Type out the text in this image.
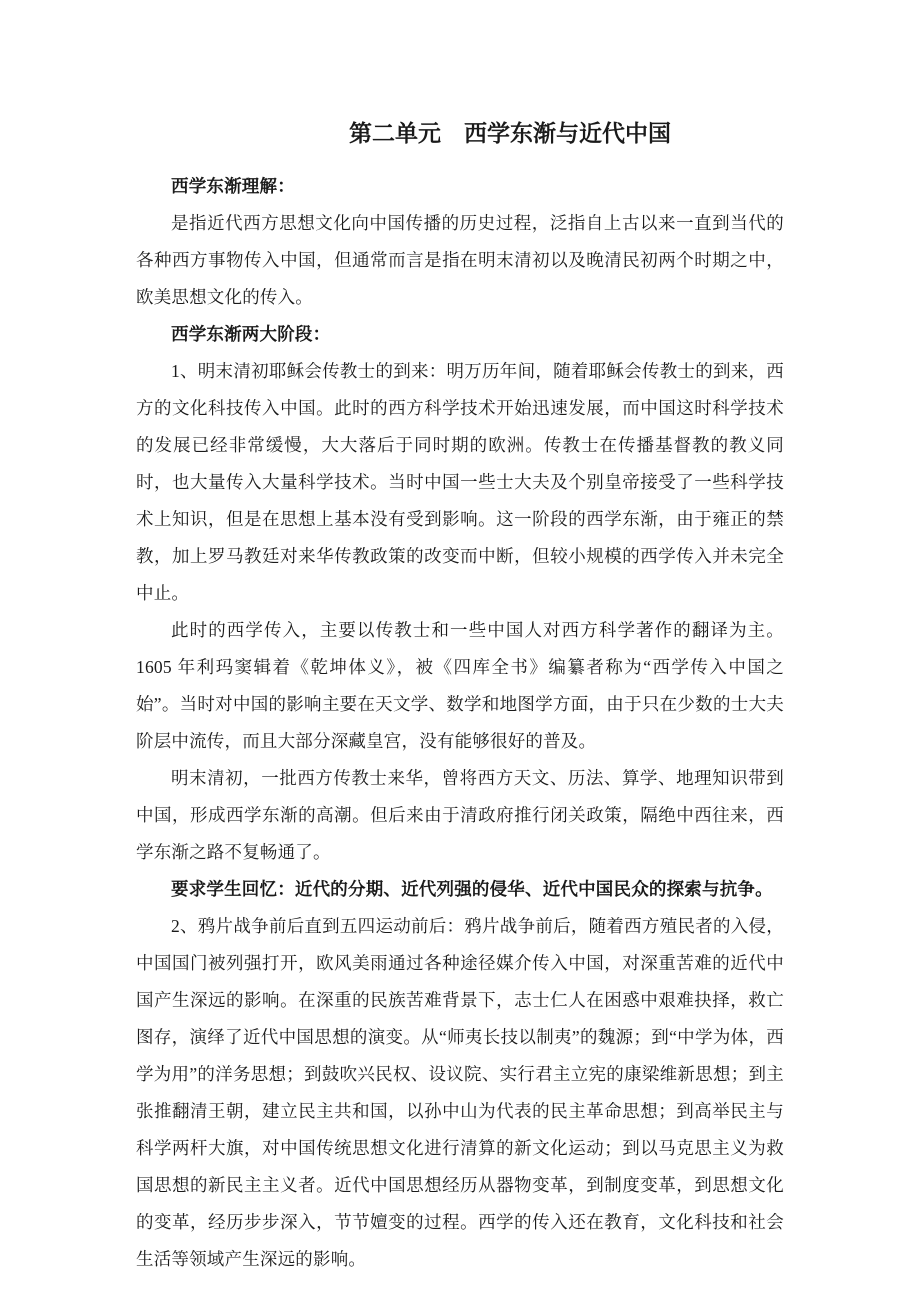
第二单元　西学东渐与近代中国

西学东渐理解：

是指近代西方思想文化向中国传播的历史过程，泛指自上古以来一直到当代的各种西方事物传入中国，但通常而言是指在明末清初以及晚清民初两个时期之中，欧美思想文化的传入。

西学东渐两大阶段：

1、明末清初耶稣会传教士的到来：明万历年间，随着耶稣会传教士的到来，西方的文化科技传入中国。此时的西方科学技术开始迅速发展，而中国这时科学技术的发展已经非常缓慢，大大落后于同时期的欧洲。传教士在传播基督教的教义同时，也大量传入大量科学技术。当时中国一些士大夫及个别皇帝接受了一些科学技术上知识，但是在思想上基本没有受到影响。这一阶段的西学东渐，由于雍正的禁教，加上罗马教廷对来华传教政策的改变而中断，但较小规模的西学传入并未完全中止。

此时的西学传入，主要以传教士和一些中国人对西方科学著作的翻译为主。1605 年利玛窦辑着《乾坤体义》，被《四库全书》编纂者称为“西学传入中国之始”。当时对中国的影响主要在天文学、数学和地图学方面，由于只在少数的士大夫阶层中流传，而且大部分深藏皇宫，没有能够很好的普及。

明末清初，一批西方传教士来华，曾将西方天文、历法、算学、地理知识带到中国，形成西学东渐的高潮。但后来由于清政府推行闭关政策，隔绝中西往来，西学东渐之路不复畅通了。

要求学生回忆：近代的分期、近代列强的侵华、近代中国民众的探索与抗争。

2、鸦片战争前后直到五四运动前后：鸦片战争前后，随着西方殖民者的入侵，中国国门被列强打开，欧风美雨通过各种途径媒介传入中国，对深重苦难的近代中国产生深远的影响。在深重的民族苦难背景下，志士仁人在困惑中艰难抉择，救亡图存，演绎了近代中国思想的演变。从“师夷长技以制夷”的魏源；到“中学为体，西学为用”的洋务思想；到鼓吹兴民权、设议院、实行君主立宪的康梁维新思想；到主张推翻清王朝，建立民主共和国，以孙中山为代表的民主革命思想；到高举民主与科学两杆大旗，对中国传统思想文化进行清算的新文化运动；到以马克思主义为救国思想的新民主主义者。近代中国思想经历从器物变革，到制度变革，到思想文化的变革，经历步步深入，节节嬗变的过程。西学的传入还在教育，文化科技和社会生活等领域产生深远的影响。
